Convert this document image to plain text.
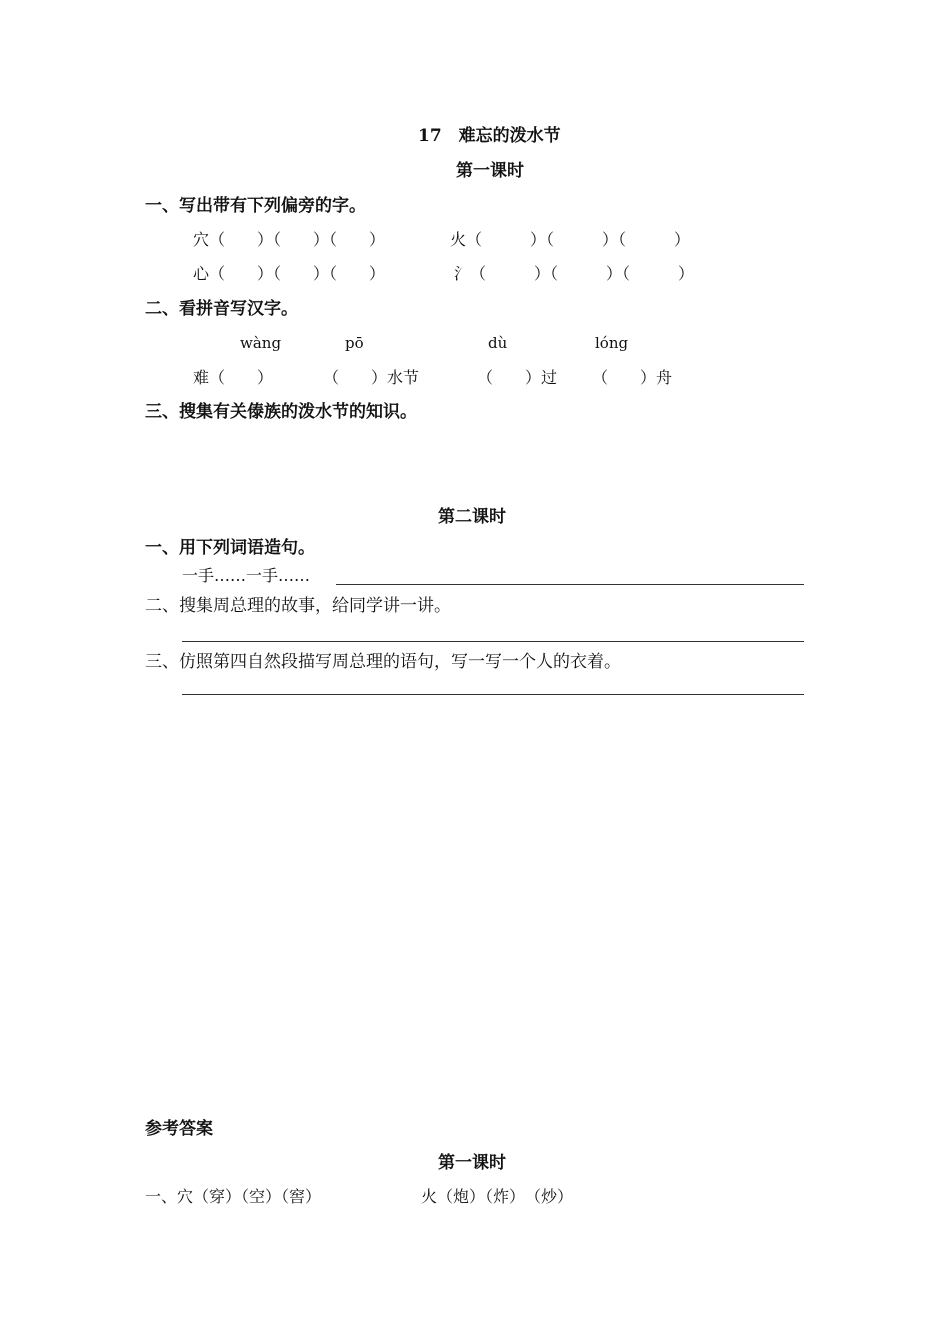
17　难忘的泼水节
第一课时
一、写出带有下列偏旁的字。
穴（　　）（　　）（　　）	火（　　　）（　　　）（　　　）
心（　　）（　　）（　　）	氵（　　　）（　　　）（　　　）
二、看拼音写汉字。
wàng	pō	dù	lóng
难（　　）	（　　）水节	（　　）过 （　　）舟
三、搜集有关傣族的泼水节的知识。
第二课时
一、用下列词语造句。
一手……一手……
二、搜集周总理的故事，给同学讲一讲。
三、仿照第四自然段描写周总理的语句，写一写一个人的衣着。
参考答案
第一课时
一、穴（穿）（空）（窖）	火（炮）（炸）　（炒）
